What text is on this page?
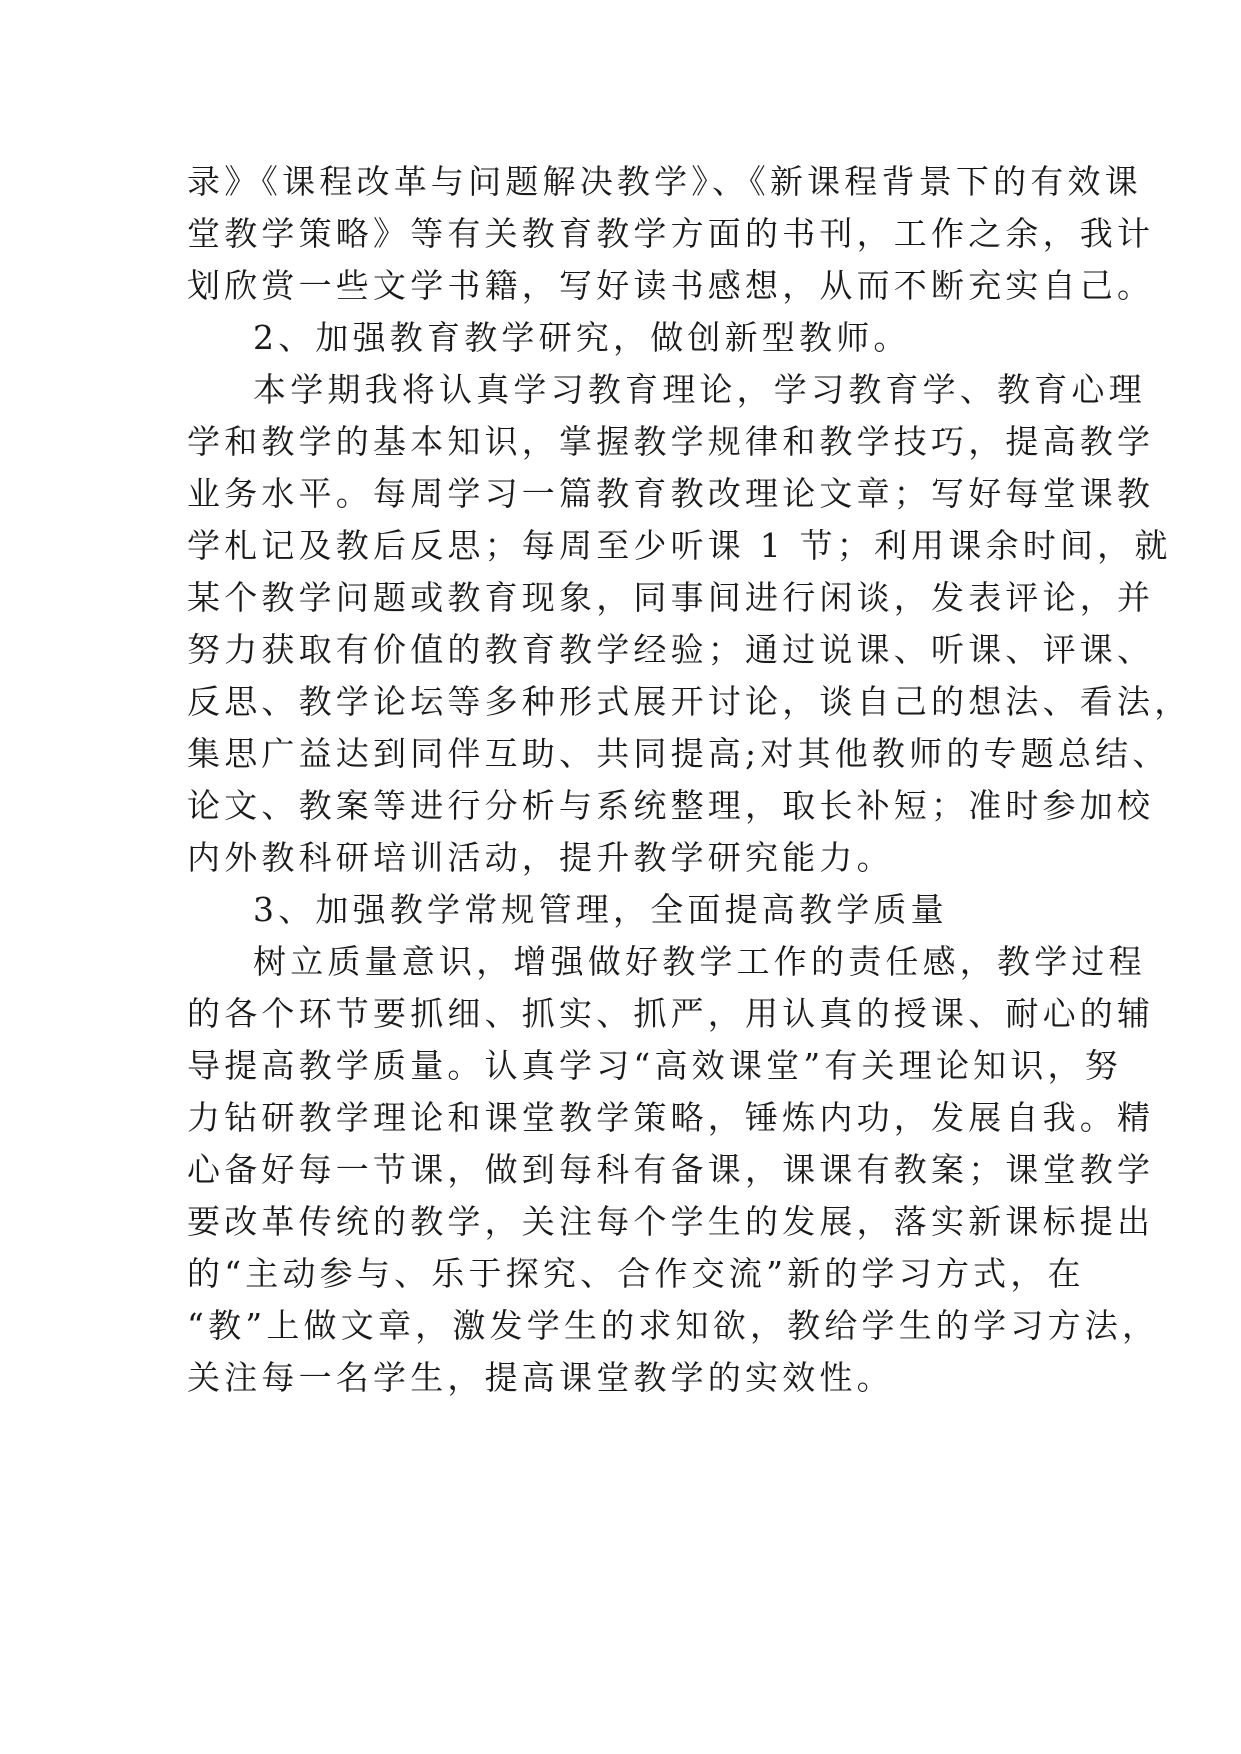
录》《课程改革与问题解决教学》、《新课程背景下的有效课
堂教学策略》等有关教育教学方面的书刊，工作之余，我计
划欣赏一些文学书籍，写好读书感想，从而不断充实自己。
2、加强教育教学研究，做创新型教师。
本学期我将认真学习教育理论，学习教育学、教育心理
学和教学的基本知识，掌握教学规律和教学技巧，提高教学
业务水平。每周学习一篇教育教改理论文章；写好每堂课教
学札记及教后反思；每周至少听课 1 节；利用课余时间，就
某个教学问题或教育现象，同事间进行闲谈，发表评论，并
努力获取有价值的教育教学经验；通过说课、听课、评课、
反思、教学论坛等多种形式展开讨论，谈自己的想法、看法，
集思广益达到同伴互助、共同提高;对其他教师的专题总结、
论文、教案等进行分析与系统整理，取长补短；准时参加校
内外教科研培训活动，提升教学研究能力。
3、加强教学常规管理，全面提高教学质量
树立质量意识，增强做好教学工作的责任感，教学过程
的各个环节要抓细、抓实、抓严，用认真的授课、耐心的辅
导提高教学质量。认真学习“高效课堂”有关理论知识，努
力钻研教学理论和课堂教学策略，锤炼内功，发展自我。精
心备好每一节课，做到每科有备课，课课有教案；课堂教学
要改革传统的教学，关注每个学生的发展，落实新课标提出
的“主动参与、乐于探究、合作交流”新的学习方式，在
“教”上做文章，激发学生的求知欲，教给学生的学习方法，
关注每一名学生，提高课堂教学的实效性。
